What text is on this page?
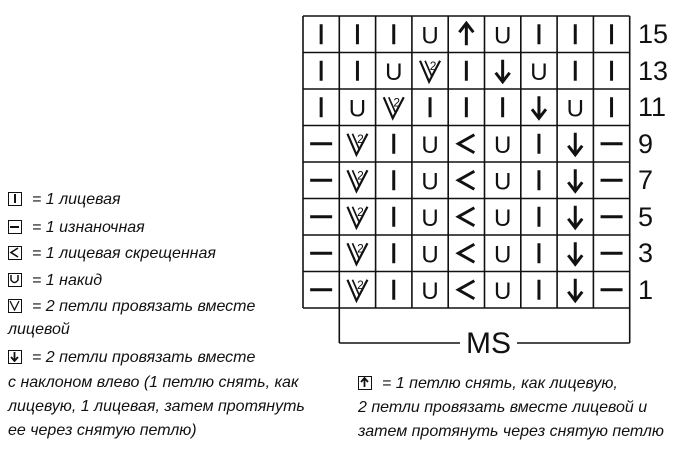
U U
U 2	U
U 2	U
2 U U
2 U U
2 U U
2 U U
2 U U
15
13
11
9
7
5
3
1
MS
= 1 лицевая
= 1 изнаночная
= 1 лицевая скрещенная
= 1 накид
= 2 петли провязать вместе
лицевой
= 2 петли провязать вместе
с наклоном влево (1 петлю снять, как
лицевую, 1 лицевая, затем протянуть
ее через снятую петлю)
= 1 петлю снять, как лицевую,
2 петли провязать вместе лицевой и
затем протянуть через снятую петлю
